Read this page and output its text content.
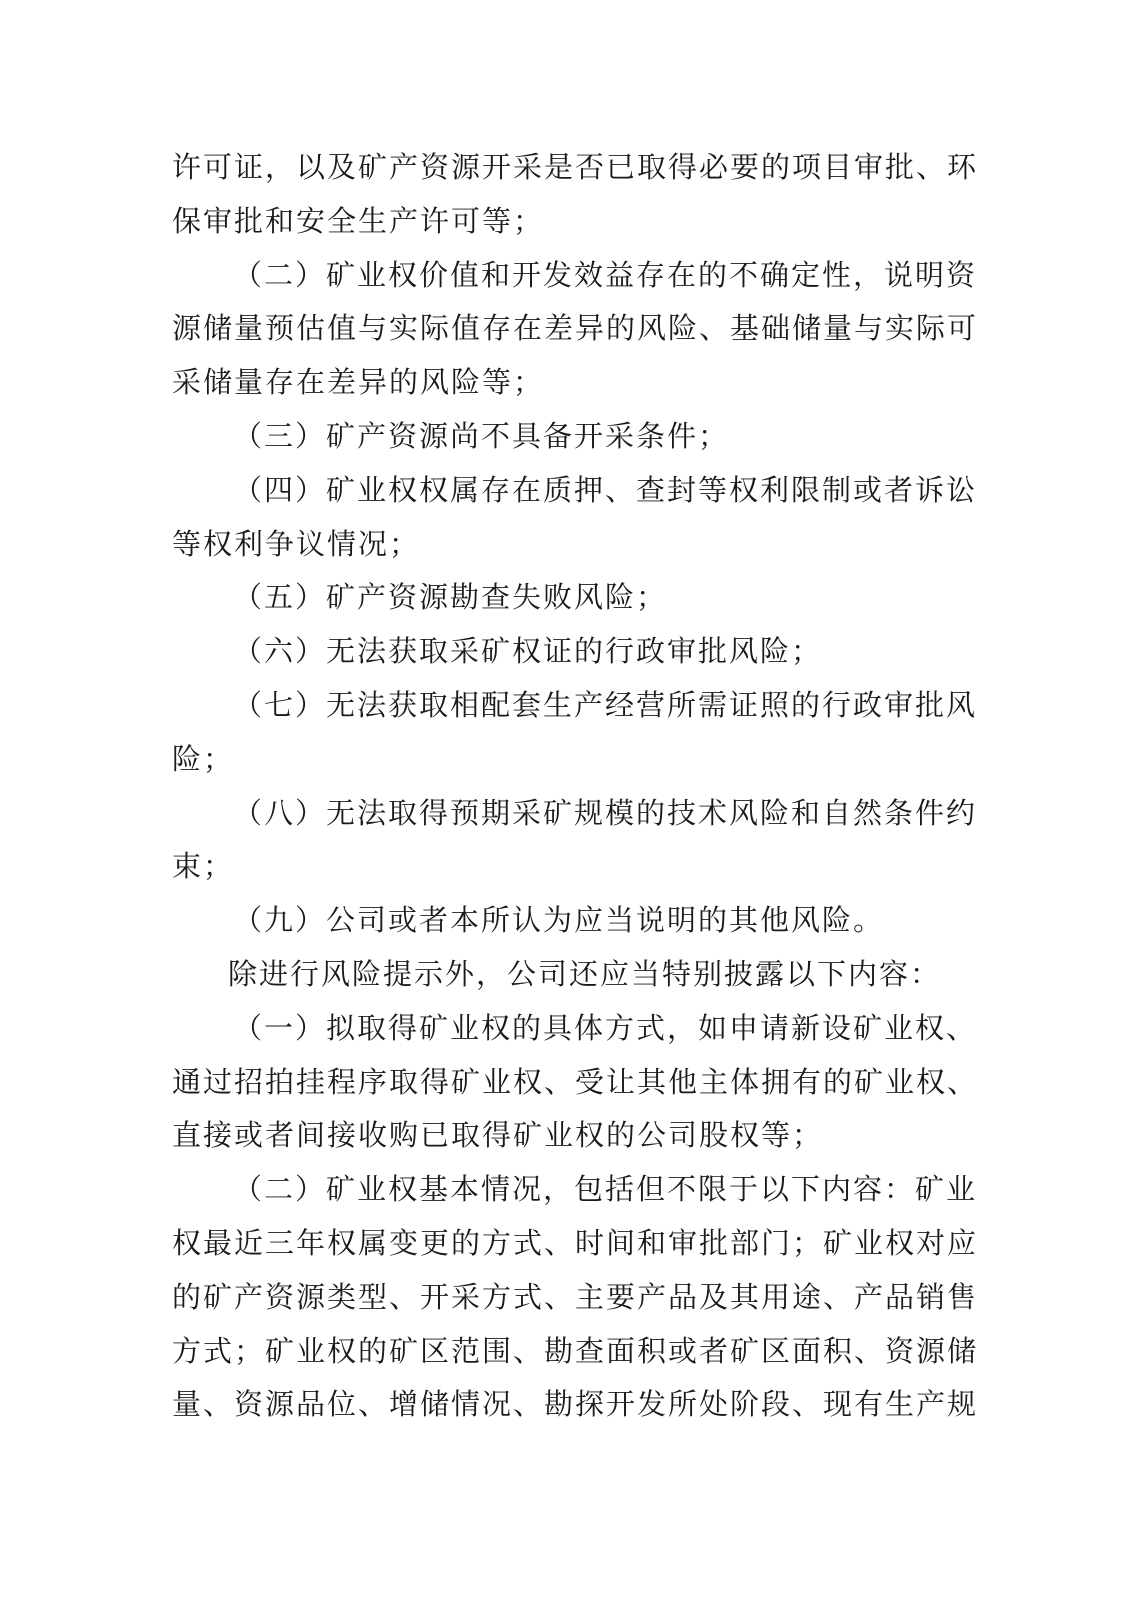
许可证，以及矿产资源开采是否已取得必要的项目审批、环
保审批和安全生产许可等；
（二）矿业权价值和开发效益存在的不确定性，说明资
源储量预估值与实际值存在差异的风险、基础储量与实际可
采储量存在差异的风险等；
（三）矿产资源尚不具备开采条件；
（四）矿业权权属存在质押、查封等权利限制或者诉讼
等权利争议情况；
（五）矿产资源勘查失败风险；
（六）无法获取采矿权证的行政审批风险；
（七）无法获取相配套生产经营所需证照的行政审批风
险；
（八）无法取得预期采矿规模的技术风险和自然条件约
束；
（九）公司或者本所认为应当说明的其他风险。
除进行风险提示外，公司还应当特别披露以下内容：
（一）拟取得矿业权的具体方式，如申请新设矿业权、
通过招拍挂程序取得矿业权、受让其他主体拥有的矿业权、
直接或者间接收购已取得矿业权的公司股权等；
（二）矿业权基本情况，包括但不限于以下内容：矿业
权最近三年权属变更的方式、时间和审批部门；矿业权对应
的矿产资源类型、开采方式、主要产品及其用途、产品销售
方式；矿业权的矿区范围、勘查面积或者矿区面积、资源储
量、资源品位、增储情况、勘探开发所处阶段、现有生产规
